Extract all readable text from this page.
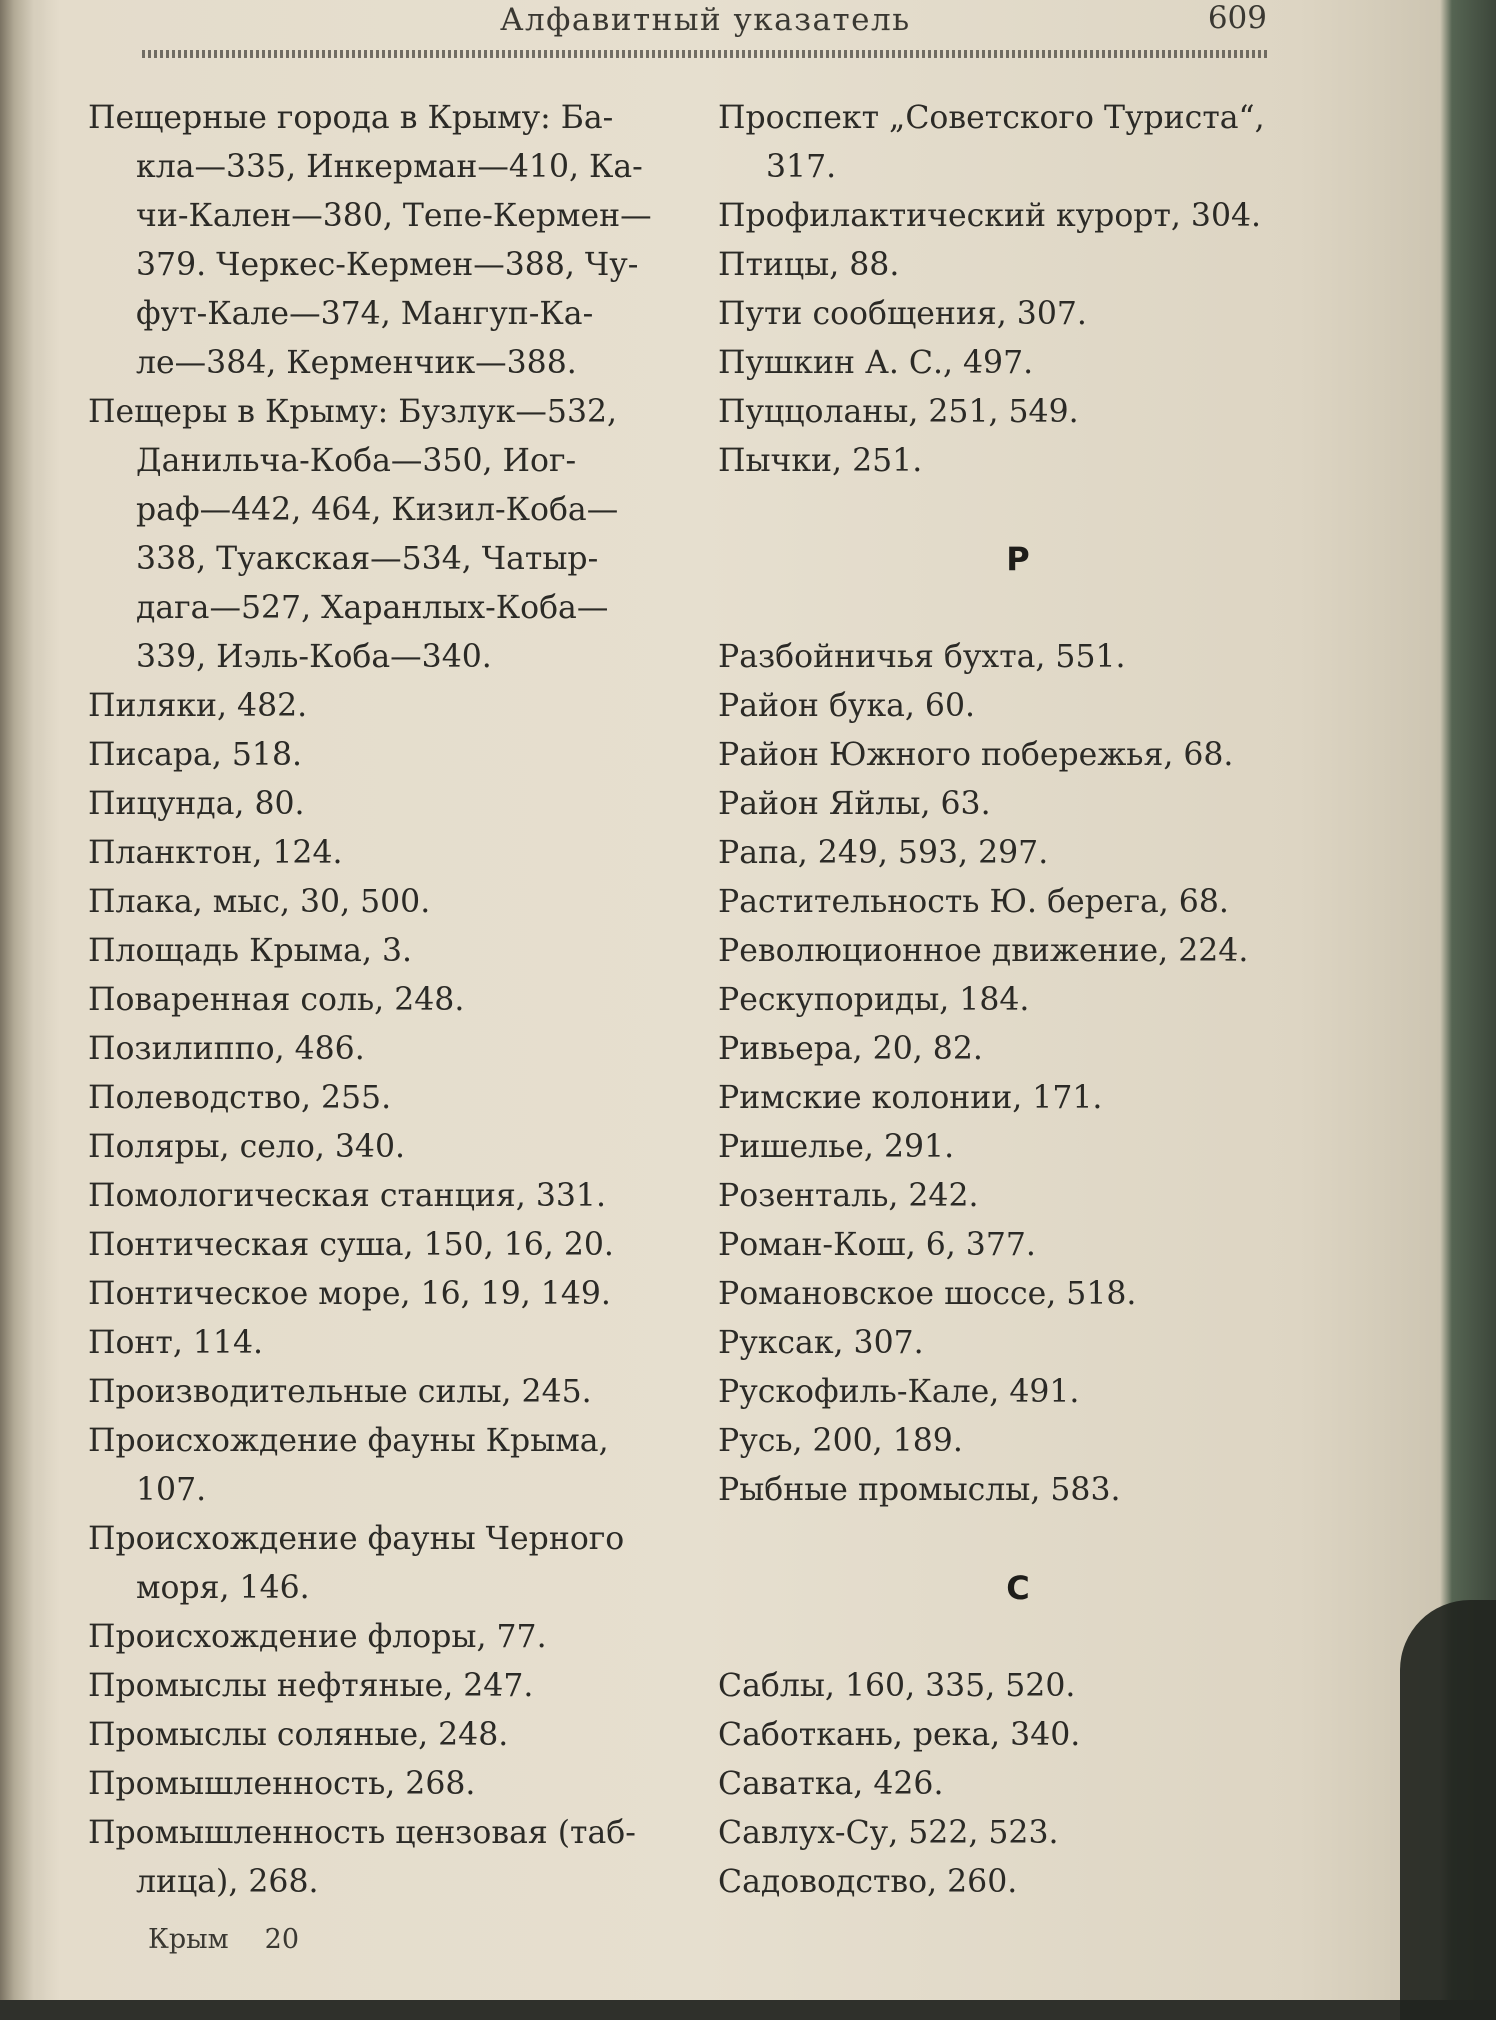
Алфавитный указатель	609

Пещерные города в Крыму: Ба-
кла—335, Инкерман—410, Ка-
чи-Кален—380, Тепе-Кермен—
379. Черкес-Кермен—388, Чу-
фут-Кале—374, Мангуп-Ка-
ле—384, Керменчик—388.

Пещеры в Крыму: Бузлук—532,
Данильча-Коба—350, Иог-
раф—442, 464, Кизил-Коба—
338, Туакская—534, Чатыр-
дага—527, Харанлых-Коба—
339, Иэль-Коба—340.

Пиляки, 482.

Писара, 518.

Пицунда, 80.

Планктон, 124.

Плака, мыс, 30, 500.

Площадь Крыма, 3.

Поваренная соль, 248.

Позилиппо, 486.

Полеводство, 255.

Поляры, село, 340.

Помологическая станция, 331.

Понтическая суша, 150, 16, 20.

Понтическое море, 16, 19, 149.

Понт, 114.

Производительные силы, 245.

Происхождение фауны Крыма,
107.

Происхождение фауны Черного
моря, 146.

Происхождение флоры, 77.

Промыслы нефтяные, 247.

Промыслы соляные, 248.

Промышленность, 268.

Промышленность цензовая (таб-
лица), 268.

Проспект „Советского Туриста“,
317.

Профилактический курорт, 304.

Птицы, 88.

Пути сообщения, 307.

Пушкин А. С., 497.

Пуццоланы, 251, 549.

Пычки, 251.

Р

Разбойничья бухта, 551.

Район бука, 60.

Район Южного побережья, 68.

Район Яйлы, 63.

Рапа, 249, 593, 297.

Растительность Ю. берега, 68.

Революционное движение, 224.

Рескупориды, 184.

Ривьера, 20, 82.

Римские колонии, 171.

Ришелье, 291.

Розенталь, 242.

Роман-Кош, 6, 377.

Романовское шоссе, 518.

Руксак, 307.

Рускофиль-Кале, 491.

Русь, 200, 189.

Рыбные промыслы, 583.

С

Саблы, 160, 335, 520.

Саботкань, река, 340.

Саватка, 426.

Савлух-Су, 522, 523.

Садоводство, 260.

Крым 20
